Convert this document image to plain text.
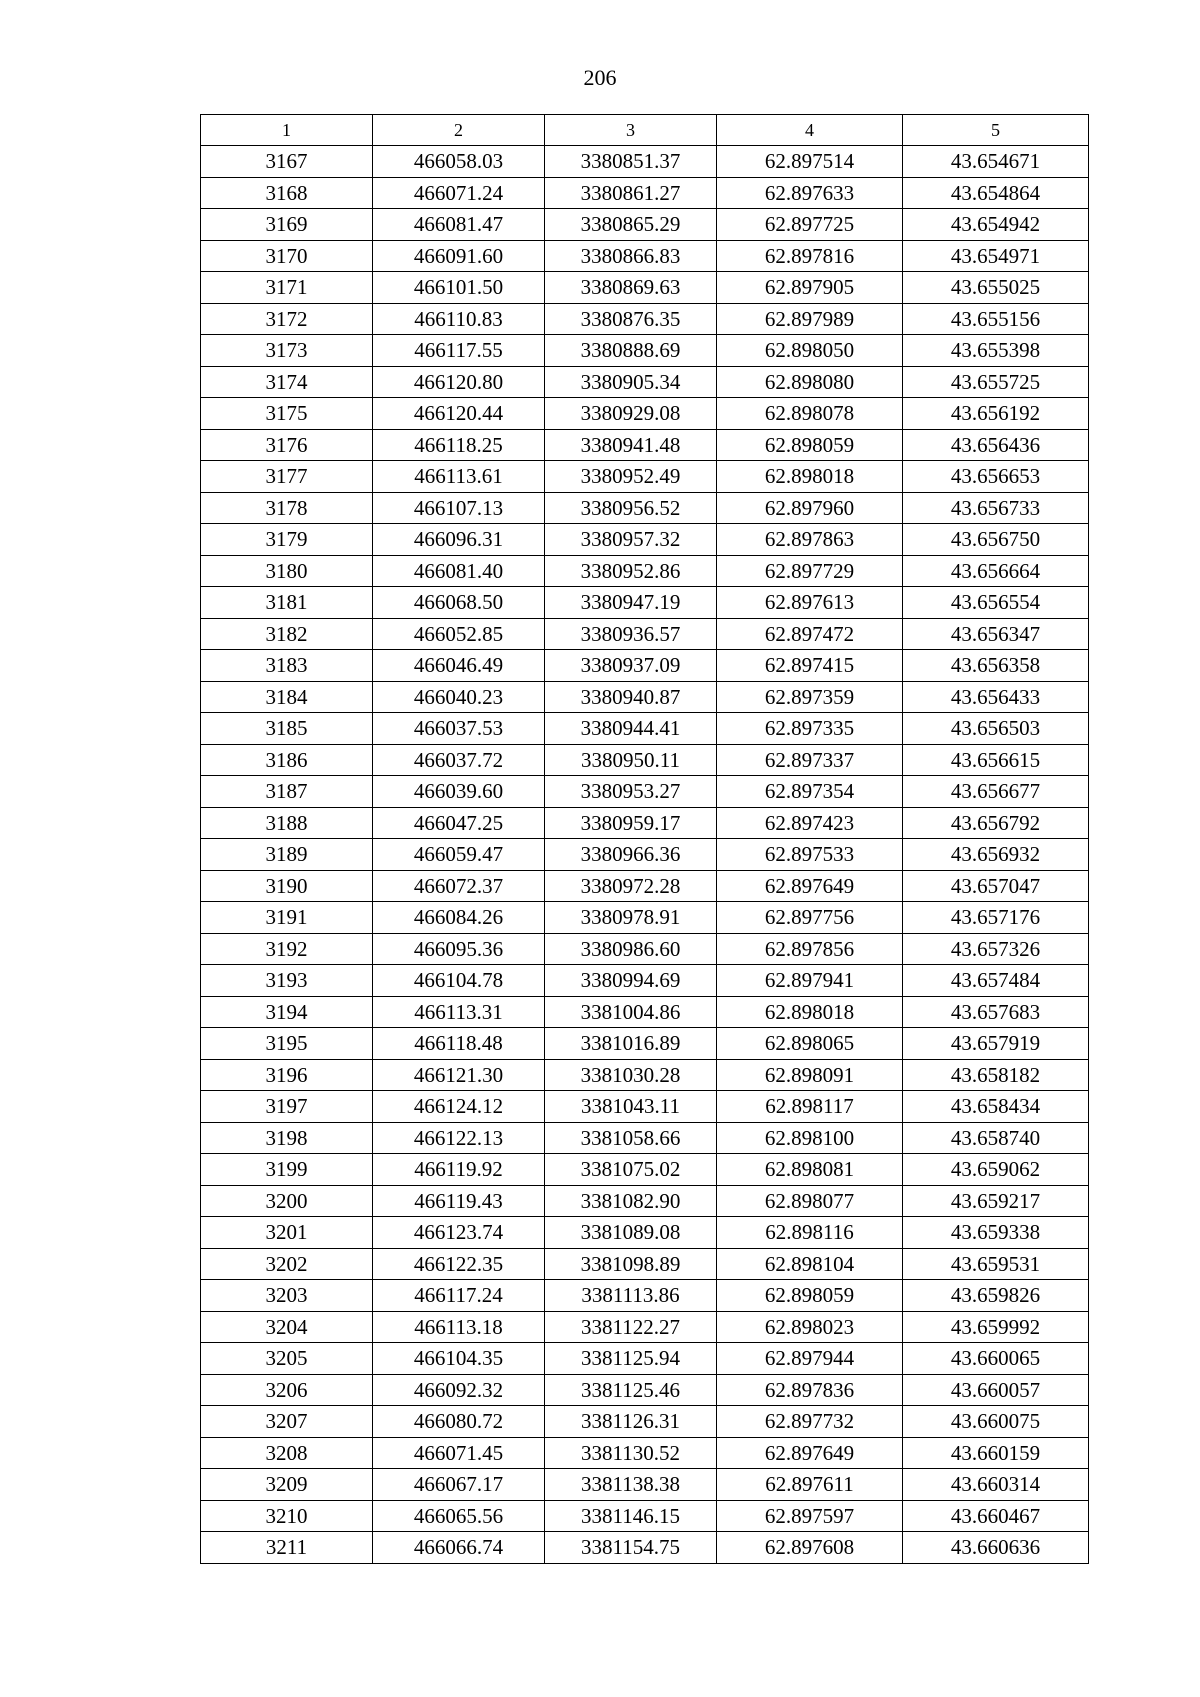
206
1	2	3	4	5
3167	466058.03	3380851.37	62.897514	43.654671
3168	466071.24	3380861.27	62.897633	43.654864
3169	466081.47	3380865.29	62.897725	43.654942
3170	466091.60	3380866.83	62.897816	43.654971
3171	466101.50	3380869.63	62.897905	43.655025
3172	466110.83	3380876.35	62.897989	43.655156
3173	466117.55	3380888.69	62.898050	43.655398
3174	466120.80	3380905.34	62.898080	43.655725
3175	466120.44	3380929.08	62.898078	43.656192
3176	466118.25	3380941.48	62.898059	43.656436
3177	466113.61	3380952.49	62.898018	43.656653
3178	466107.13	3380956.52	62.897960	43.656733
3179	466096.31	3380957.32	62.897863	43.656750
3180	466081.40	3380952.86	62.897729	43.656664
3181	466068.50	3380947.19	62.897613	43.656554
3182	466052.85	3380936.57	62.897472	43.656347
3183	466046.49	3380937.09	62.897415	43.656358
3184	466040.23	3380940.87	62.897359	43.656433
3185	466037.53	3380944.41	62.897335	43.656503
3186	466037.72	3380950.11	62.897337	43.656615
3187	466039.60	3380953.27	62.897354	43.656677
3188	466047.25	3380959.17	62.897423	43.656792
3189	466059.47	3380966.36	62.897533	43.656932
3190	466072.37	3380972.28	62.897649	43.657047
3191	466084.26	3380978.91	62.897756	43.657176
3192	466095.36	3380986.60	62.897856	43.657326
3193	466104.78	3380994.69	62.897941	43.657484
3194	466113.31	3381004.86	62.898018	43.657683
3195	466118.48	3381016.89	62.898065	43.657919
3196	466121.30	3381030.28	62.898091	43.658182
3197	466124.12	3381043.11	62.898117	43.658434
3198	466122.13	3381058.66	62.898100	43.658740
3199	466119.92	3381075.02	62.898081	43.659062
3200	466119.43	3381082.90	62.898077	43.659217
3201	466123.74	3381089.08	62.898116	43.659338
3202	466122.35	3381098.89	62.898104	43.659531
3203	466117.24	3381113.86	62.898059	43.659826
3204	466113.18	3381122.27	62.898023	43.659992
3205	466104.35	3381125.94	62.897944	43.660065
3206	466092.32	3381125.46	62.897836	43.660057
3207	466080.72	3381126.31	62.897732	43.660075
3208	466071.45	3381130.52	62.897649	43.660159
3209	466067.17	3381138.38	62.897611	43.660314
3210	466065.56	3381146.15	62.897597	43.660467
3211	466066.74	3381154.75	62.897608	43.660636
